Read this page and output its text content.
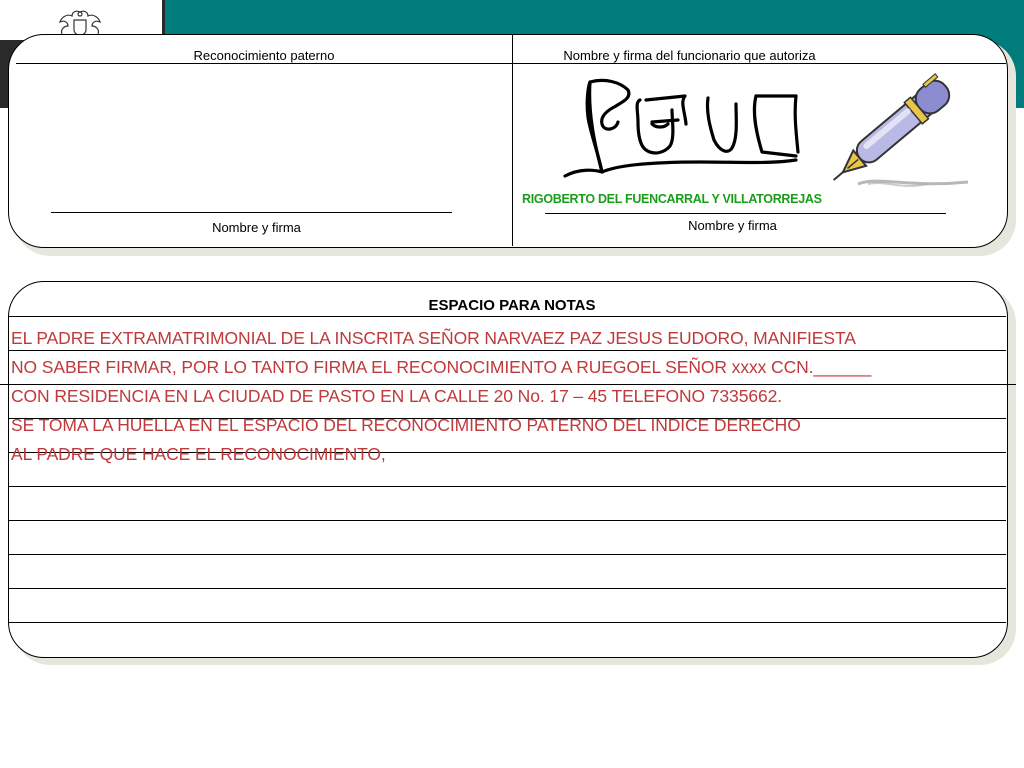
Reconocimiento paterno	Nombre y firma del funcionario que autoriza
Nombre y firma
RIGOBERTO DEL FUENCARRAL Y VILLATORREJAS
Nombre y firma
ESPACIO PARA NOTAS
EL PADRE EXTRAMATRIMONIAL DE LA INSCRITA SEÑOR NARVAEZ PAZ JESUS EUDORO, MANIFIESTA
NO SABER FIRMAR, POR LO TANTO FIRMA EL RECONOCIMIENTO A RUEGOEL SEÑOR xxxx CCN.______
CON RESIDENCIA EN LA CIUDAD DE PASTO EN LA CALLE 20 No. 17 – 45 TELEFONO 7335662.
SE TOMA LA HUELLA EN EL ESPACIO DEL RECONOCIMIENTO PATERNO DEL INDICE DERECHO
AL PADRE QUE HACE EL RECONOCIMIENTO,
